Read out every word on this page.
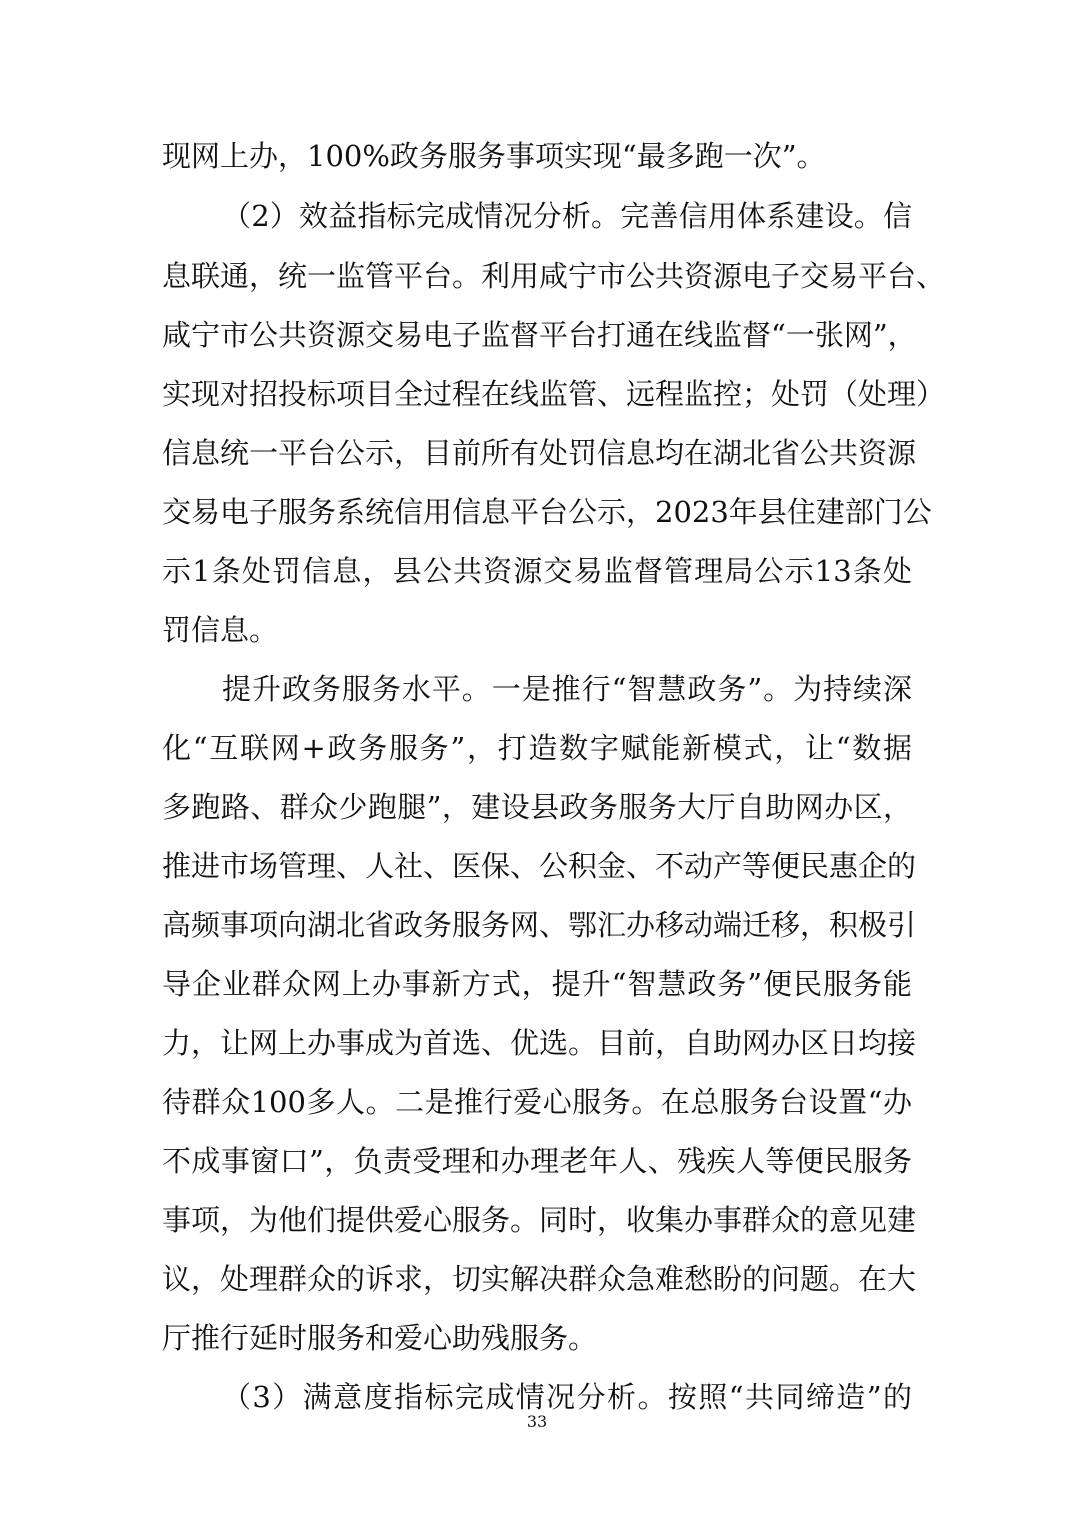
现网上办，100%政务服务事项实现“最多跑一次”。
（2）效益指标完成情况分析。完善信用体系建设。信
息联通，统一监管平台。利用咸宁市公共资源电子交易平台、
咸宁市公共资源交易电子监督平台打通在线监督“一张网”，
实现对招投标项目全过程在线监管、远程监控；处罚（处理）
信息统一平台公示，目前所有处罚信息均在湖北省公共资源
交易电子服务系统信用信息平台公示，2023年县住建部门公
示1条处罚信息，县公共资源交易监督管理局公示13条处
罚信息。
提升政务服务水平。一是推行“智慧政务”。为持续深
化“互联网+政务服务”，打造数字赋能新模式，让“数据
多跑路、群众少跑腿”，建设县政务服务大厅自助网办区，
推进市场管理、人社、医保、公积金、不动产等便民惠企的
高频事项向湖北省政务服务网、鄂汇办移动端迁移，积极引
导企业群众网上办事新方式，提升“智慧政务”便民服务能
力，让网上办事成为首选、优选。目前，自助网办区日均接
待群众100多人。二是推行爱心服务。在总服务台设置“办
不成事窗口”，负责受理和办理老年人、残疾人等便民服务
事项，为他们提供爱心服务。同时，收集办事群众的意见建
议，处理群众的诉求，切实解决群众急难愁盼的问题。在大
厅推行延时服务和爱心助残服务。
（3）满意度指标完成情况分析。按照“共同缔造”的
33
